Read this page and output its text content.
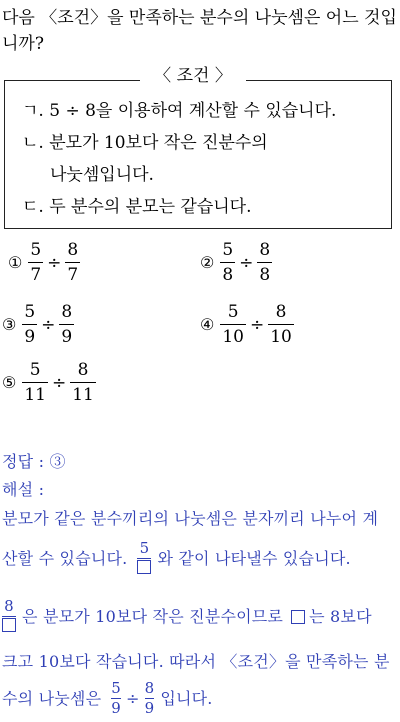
다음 〈조건〉을 만족하는 분수의 나눗셈은 어느 것입
니까?
〈 조건 〉
ㄱ. 5 ÷ 8을 이용하여 계산할 수 있습니다.
ㄴ. 분모가 10보다 작은 진분수의
나눗셈입니다.
ㄷ. 두 분수의 분모는 같습니다.
① $\frac{5}{7} \div \frac{8}{7}$	② $\frac{5}{8} \div \frac{8}{8}$
③ $\frac{5}{9} \div \frac{8}{9}$	④ $\frac{5}{10} \div \frac{8}{10}$
⑤ $\frac{5}{11} \div \frac{8}{11}$
정답 : ③
해설 :
분모가 같은 분수끼리의 나눗셈은 분자끼리 나누어 계
산할 수 있습니다.
5
와 같이 나타낼수 있습니다.
8
은 분모가 10보다 작은 진분수이므로 는 8보다
크고 10보다 작습니다. 따라서 〈조건〉을 만족하는 분
수의 나눗셈은 $\frac{5}{9} \div \frac{8}{9}$ 입니다.
